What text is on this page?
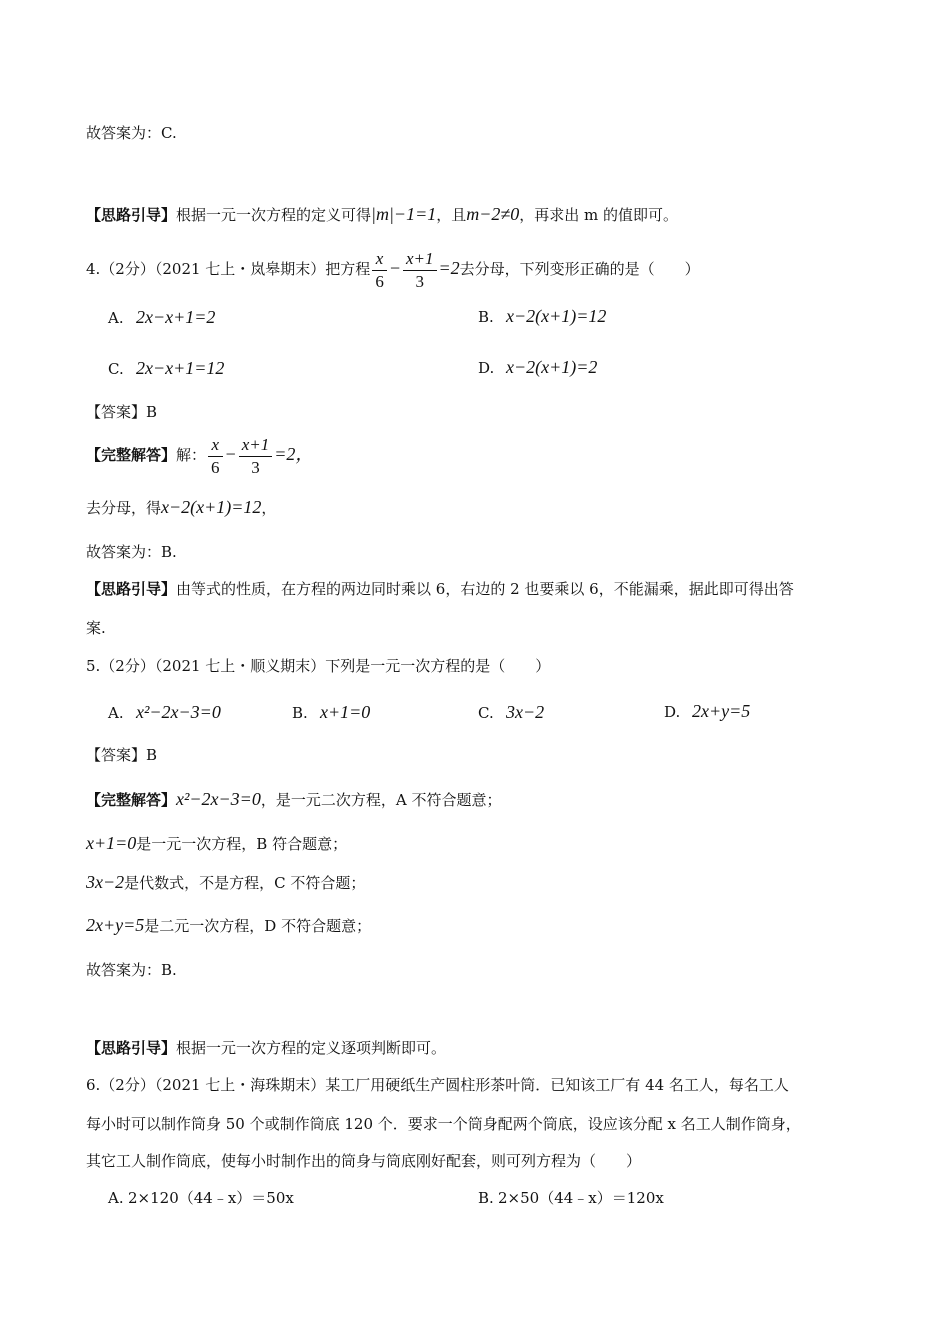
故答案为：C.
【思路引导】根据一元一次方程的定义可得|m|−1=1，且m−2≠0，再求出 m 的值即可。
4.（2分）（2021 七上・岚皋期末）把方程 $\frac{x}{6} - \frac{x+1}{3} =2$去分母，下列变形正确的是（　　）
A. 2x−x+1=2	B. x−2(x+1)=12
C. 2x−x+1=12	D. x−2(x+1)=2
【答案】B
【完整解答】解： $\frac{x}{6} - \frac{x+1}{3} =2$，
去分母，得x−2(x+1)=12，
故答案为：B.
【思路引导】由等式的性质，在方程的两边同时乘以 6，右边的 2 也要乘以 6，不能漏乘，据此即可得出答
案.
5.（2分）（2021 七上・顺义期末）下列是一元一次方程的是（　　）
A. x²−2x−3=0	B. x+1=0	C. 3x−2	D. 2x+y=5
【答案】B
【完整解答】x²−2x−3=0，是一元二次方程，A 不符合题意；
x+1=0是一元一次方程，B 符合题意；
3x−2是代数式，不是方程，C 不符合题；
2x+y=5是二元一次方程，D 不符合题意；
故答案为：B.
【思路引导】根据一元一次方程的定义逐项判断即可。
6.（2分）（2021 七上・海珠期末）某工厂用硬纸生产圆柱形茶叶筒．已知该工厂有 44 名工人，每名工人
每小时可以制作筒身 50 个或制作筒底 120 个．要求一个筒身配两个筒底，设应该分配 x 名工人制作筒身，
其它工人制作筒底，使每小时制作出的筒身与筒底刚好配套，则可列方程为（　　）
A. 2×120（44﹣x）＝50x	B. 2×50（44﹣x）＝120x
